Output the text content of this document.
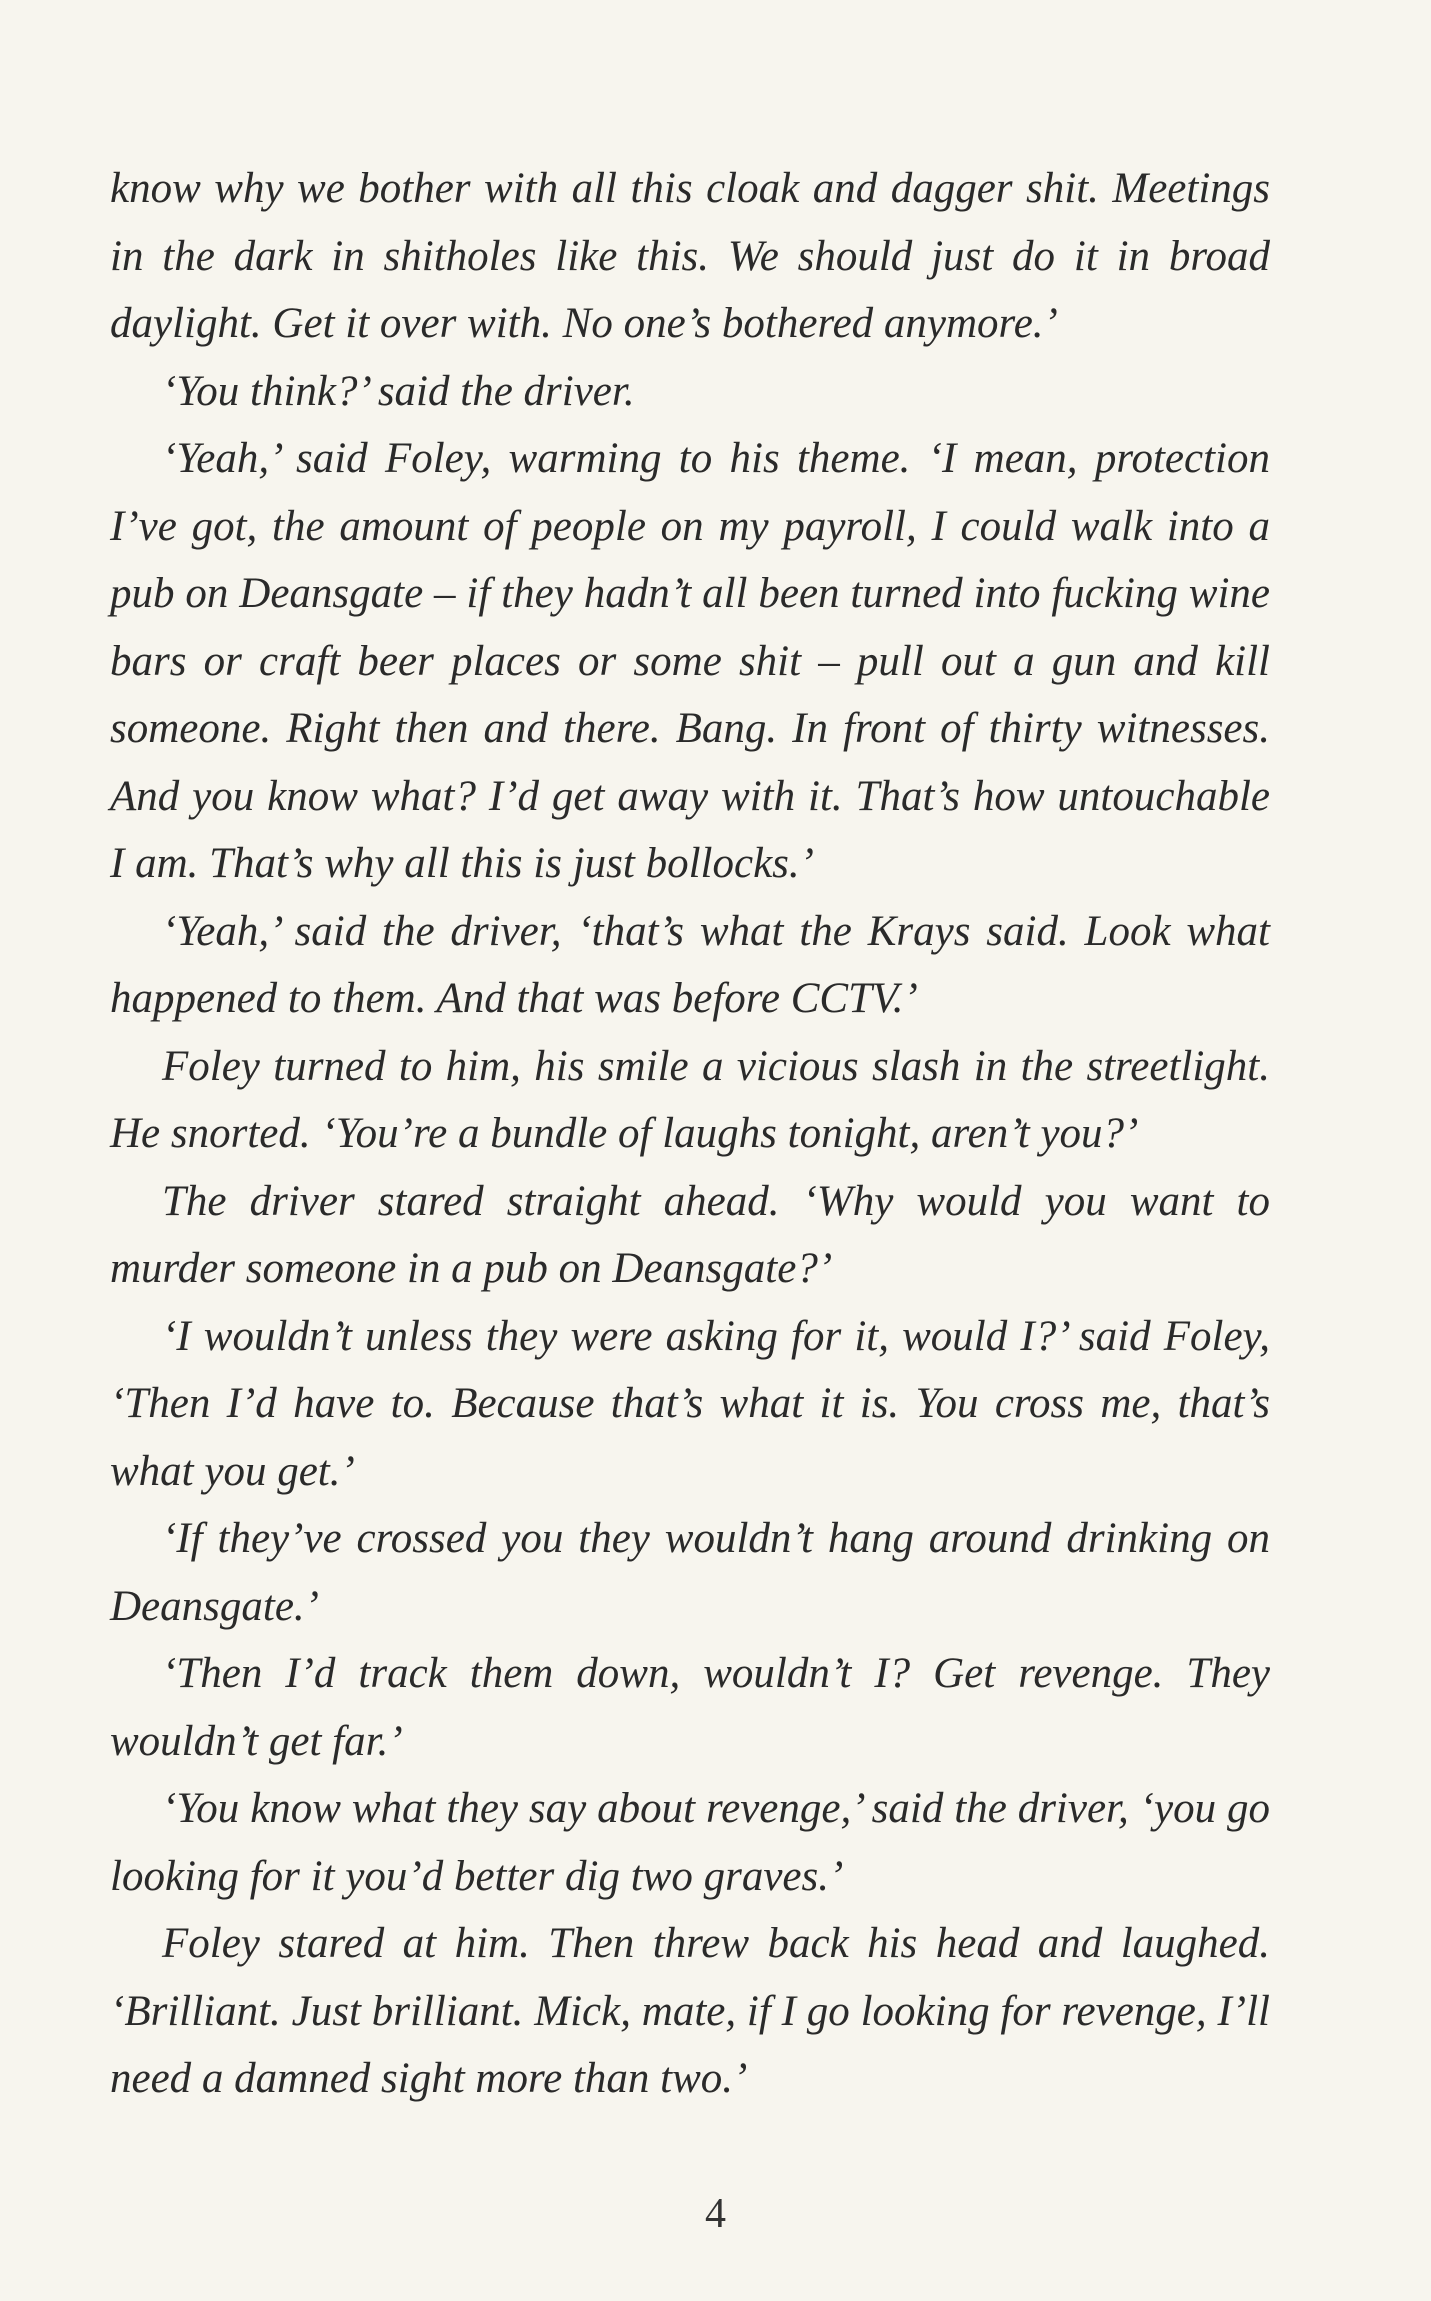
know why we bother with all this cloak and dagger shit. Meetings in the dark in shitholes like this. We should just do it in broad daylight. Get it over with. No one’s bothered anymore.’

‘You think?’ said the driver.

‘Yeah,’ said Foley, warming to his theme. ‘I mean, protection I’ve got, the amount of people on my payroll, I could walk into a pub on Deansgate – if they hadn’t all been turned into fucking wine bars or craft beer places or some shit – pull out a gun and kill someone. Right then and there. Bang. In front of thirty witnesses. And you know what? I’d get away with it. That’s how untouchable I am. That’s why all this is just bollocks.’

‘Yeah,’ said the driver, ‘that’s what the Krays said. Look what happened to them. And that was before CCTV.’

Foley turned to him, his smile a vicious slash in the streetlight. He snorted. ‘You’re a bundle of laughs tonight, aren’t you?’

The driver stared straight ahead. ‘Why would you want to murder someone in a pub on Deansgate?’

‘I wouldn’t unless they were asking for it, would I?’ said Foley, ‘Then I’d have to. Because that’s what it is. You cross me, that’s what you get.’

‘If they’ve crossed you they wouldn’t hang around drinking on Deansgate.’

‘Then I’d track them down, wouldn’t I? Get revenge. They wouldn’t get far.’

‘You know what they say about revenge,’ said the driver, ‘you go looking for it you’d better dig two graves.’

Foley stared at him. Then threw back his head and laughed. ‘Brilliant. Just brilliant. Mick, mate, if I go looking for revenge, I’ll need a damned sight more than two.’

4
